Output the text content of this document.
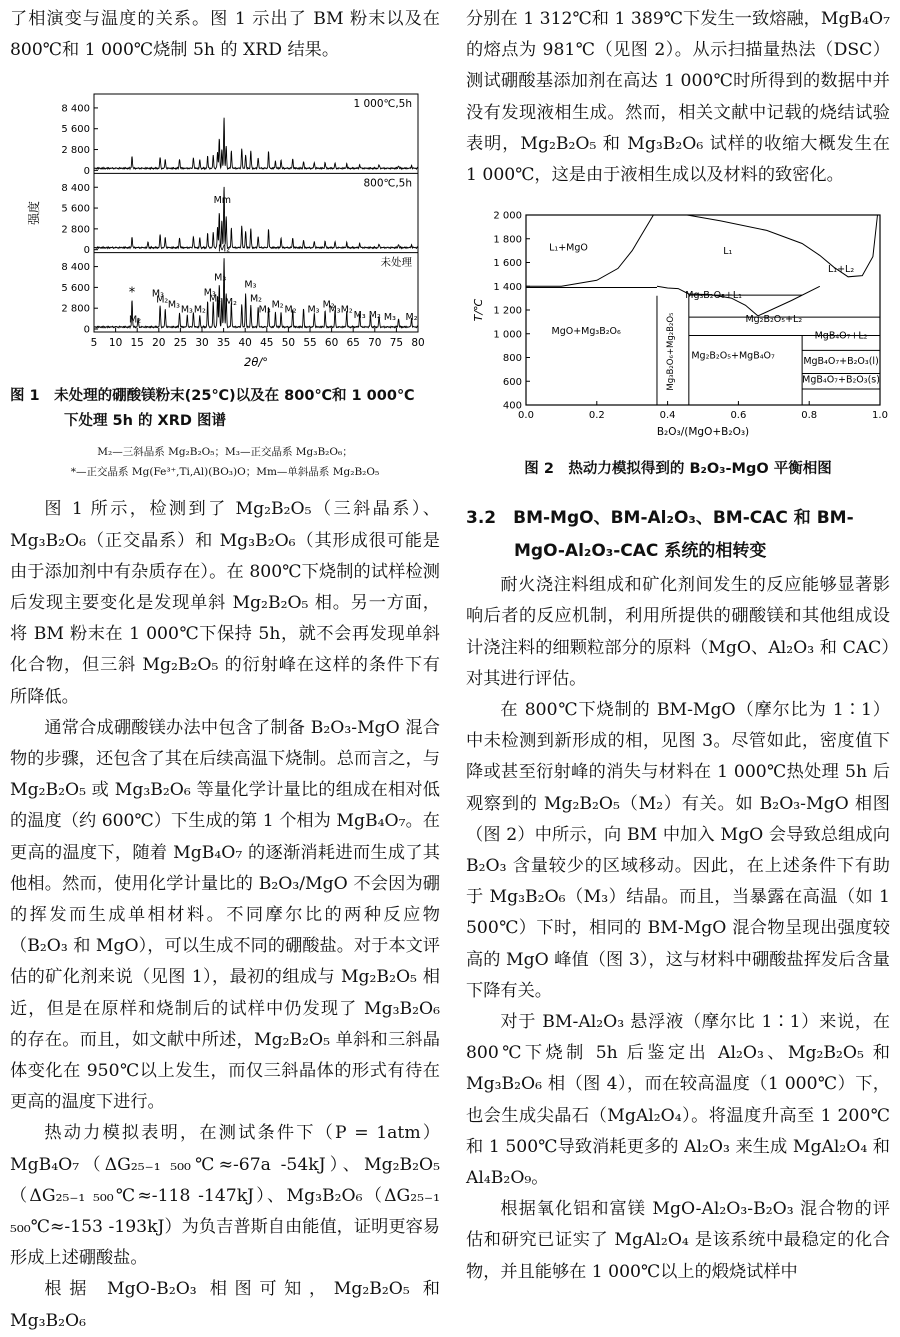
了相演变与温度的关系。图 1 示出了 BM 粉末以及在 800℃和 1 000℃烧制 5h 的 XRD 结果。

0
2 800
5 600
8 400	1 000℃,5h
0
2 800
5 600
8 400	800℃,5h
Mm
0
2 800
5 600
8 400	未处理
M₂
M₂
M₃
M₂ M₃ M₃ M₂
M₃
M₂
M₃
M₂
M₃
M₂
M₃ M₂ M₂ M₃ M₂
M₃ M₂ M₃ M₂ M₃ M₂
*
5 10 15 20 25 30 35 40 45 50 55 60 65 70 75 80
2θ/°
强度
图 1　未处理的硼酸镁粉末(25℃)以及在 800℃和 1 000℃
下处理 5h 的 XRD 图谱
M₂—三斜晶系 Mg₂B₂O₅；M₃—正交晶系 Mg₃B₂O₆；
*—正交晶系 Mg(Fe³⁺,Ti,Al)(BO₃)O；Mm—单斜晶系 Mg₂B₂O₅

图 1 所示，检测到了 Mg₂B₂O₅（三斜晶系）、Mg₃B₂O₆（正交晶系）和 Mg₃B₂O₆（其形成很可能是由于添加剂中有杂质存在）。在 800℃下烧制的试样检测后发现主要变化是发现单斜 Mg₂B₂O₅ 相。另一方面，将 BM 粉末在 1 000℃下保持 5h，就不会再发现单斜化合物，但三斜 Mg₂B₂O₅ 的衍射峰在这样的条件下有所降低。

通常合成硼酸镁办法中包含了制备 B₂O₃-MgO 混合物的步骤，还包含了其在后续高温下烧制。总而言之，与 Mg₂B₂O₅ 或 Mg₃B₂O₆ 等量化学计量比的组成在相对低的温度（约 600℃）下生成的第 1 个相为 MgB₄O₇。在更高的温度下，随着 MgB₄O₇ 的逐渐消耗进而生成了其他相。然而，使用化学计量比的 B₂O₃/MgO 不会因为硼的挥发而生成单相材料。不同摩尔比的两种反应物（B₂O₃ 和 MgO），可以生成不同的硼酸盐。对于本文评估的矿化剂来说（见图 1），最初的组成与 Mg₂B₂O₅ 相近，但是在原样和烧制后的试样中仍发现了 Mg₃B₂O₆ 的存在。而且，如文献中所述，Mg₂B₂O₅ 单斜和三斜晶体变化在 950℃以上发生，而仅三斜晶体的形式有待在更高的温度下进行。

热动力模拟表明，在测试条件下（P = 1atm）MgB₄O₇（ΔG₂₅₋₁ ₅₀₀℃≈-67a -54kJ）、Mg₂B₂O₅（ΔG₂₅₋₁ ₅₀₀℃≈-118 -147kJ）、Mg₃B₂O₆（ΔG₂₅₋₁ ₅₀₀℃≈-153 -193kJ）为负吉普斯自由能值，证明更容易形成上述硼酸盐。

根据 MgO-B₂O₃ 相图可知，Mg₂B₂O₅ 和 Mg₃B₂O₆

分别在 1 312℃和 1 389℃下发生一致熔融，MgB₄O₇ 的熔点为 981℃（见图 2）。从示扫描量热法（DSC）测试硼酸基添加剂在高达 1 000℃时所得到的数据中并没有发现液相生成。然而，相关文献中记载的烧结试验表明，Mg₂B₂O₅ 和 Mg₃B₂O₆ 试样的收缩大概发生在 1 000℃，这是由于液相生成以及材料的致密化。

400
600
800
1 000
1 200
1 400
1 600
1 800
2 000
0.0	0.2	0.4	0.6	0.8	1.0
B₂O₃/(MgO+B₂O₃)
T/℃
L₁+MgO	L₁
L₁+L₂
Mg₃B₂O₅+L₁
Mg₂B₂O₅+L₂
MgO+Mg₃B₂O₆	Mg₃B₂O₆+Mg₂B₂O₅ Mg₂B₂O₅+MgB₄O₇
MgB₄O₇+L₂
MgB₄O₇+B₂O₃(l)
MgB₄O₇+B₂O₃(s)
图 2　热动力模拟得到的 B₂O₃-MgO 平衡相图
3.2　BM-MgO、BM-Al₂O₃、BM-CAC 和 BM-
MgO-Al₂O₃-CAC 系统的相转变

耐火浇注料组成和矿化剂间发生的反应能够显著影响后者的反应机制，利用所提供的硼酸镁和其他组成设计浇注料的细颗粒部分的原料（MgO、Al₂O₃ 和 CAC）对其进行评估。

在 800℃下烧制的 BM-MgO（摩尔比为 1∶1）中未检测到新形成的相，见图 3。尽管如此，密度值下降或甚至衍射峰的消失与材料在 1 000℃热处理 5h 后观察到的 Mg₂B₂O₅（M₂）有关。如 B₂O₃-MgO 相图（图 2）中所示，向 BM 中加入 MgO 会导致总组成向 B₂O₃ 含量较少的区域移动。因此，在上述条件下有助于 Mg₃B₂O₆（M₃）结晶。而且，当暴露在高温（如 1 500℃）下时，相同的 BM-MgO 混合物呈现出强度较高的 MgO 峰值（图 3），这与材料中硼酸盐挥发后含量下降有关。

对于 BM-Al₂O₃ 悬浮液（摩尔比 1∶1）来说，在 800℃下烧制 5h 后鉴定出 Al₂O₃、Mg₂B₂O₅ 和 Mg₃B₂O₆ 相（图 4），而在较高温度（1 000℃）下，也会生成尖晶石（MgAl₂O₄）。将温度升高至 1 200℃和 1 500℃导致消耗更多的 Al₂O₃ 来生成 MgAl₂O₄ 和 Al₄B₂O₉。

根据氧化铝和富镁 MgO-Al₂O₃-B₂O₃ 混合物的评估和研究已证实了 MgAl₂O₄ 是该系统中最稳定的化合物，并且能够在 1 000℃以上的煅烧试样中
